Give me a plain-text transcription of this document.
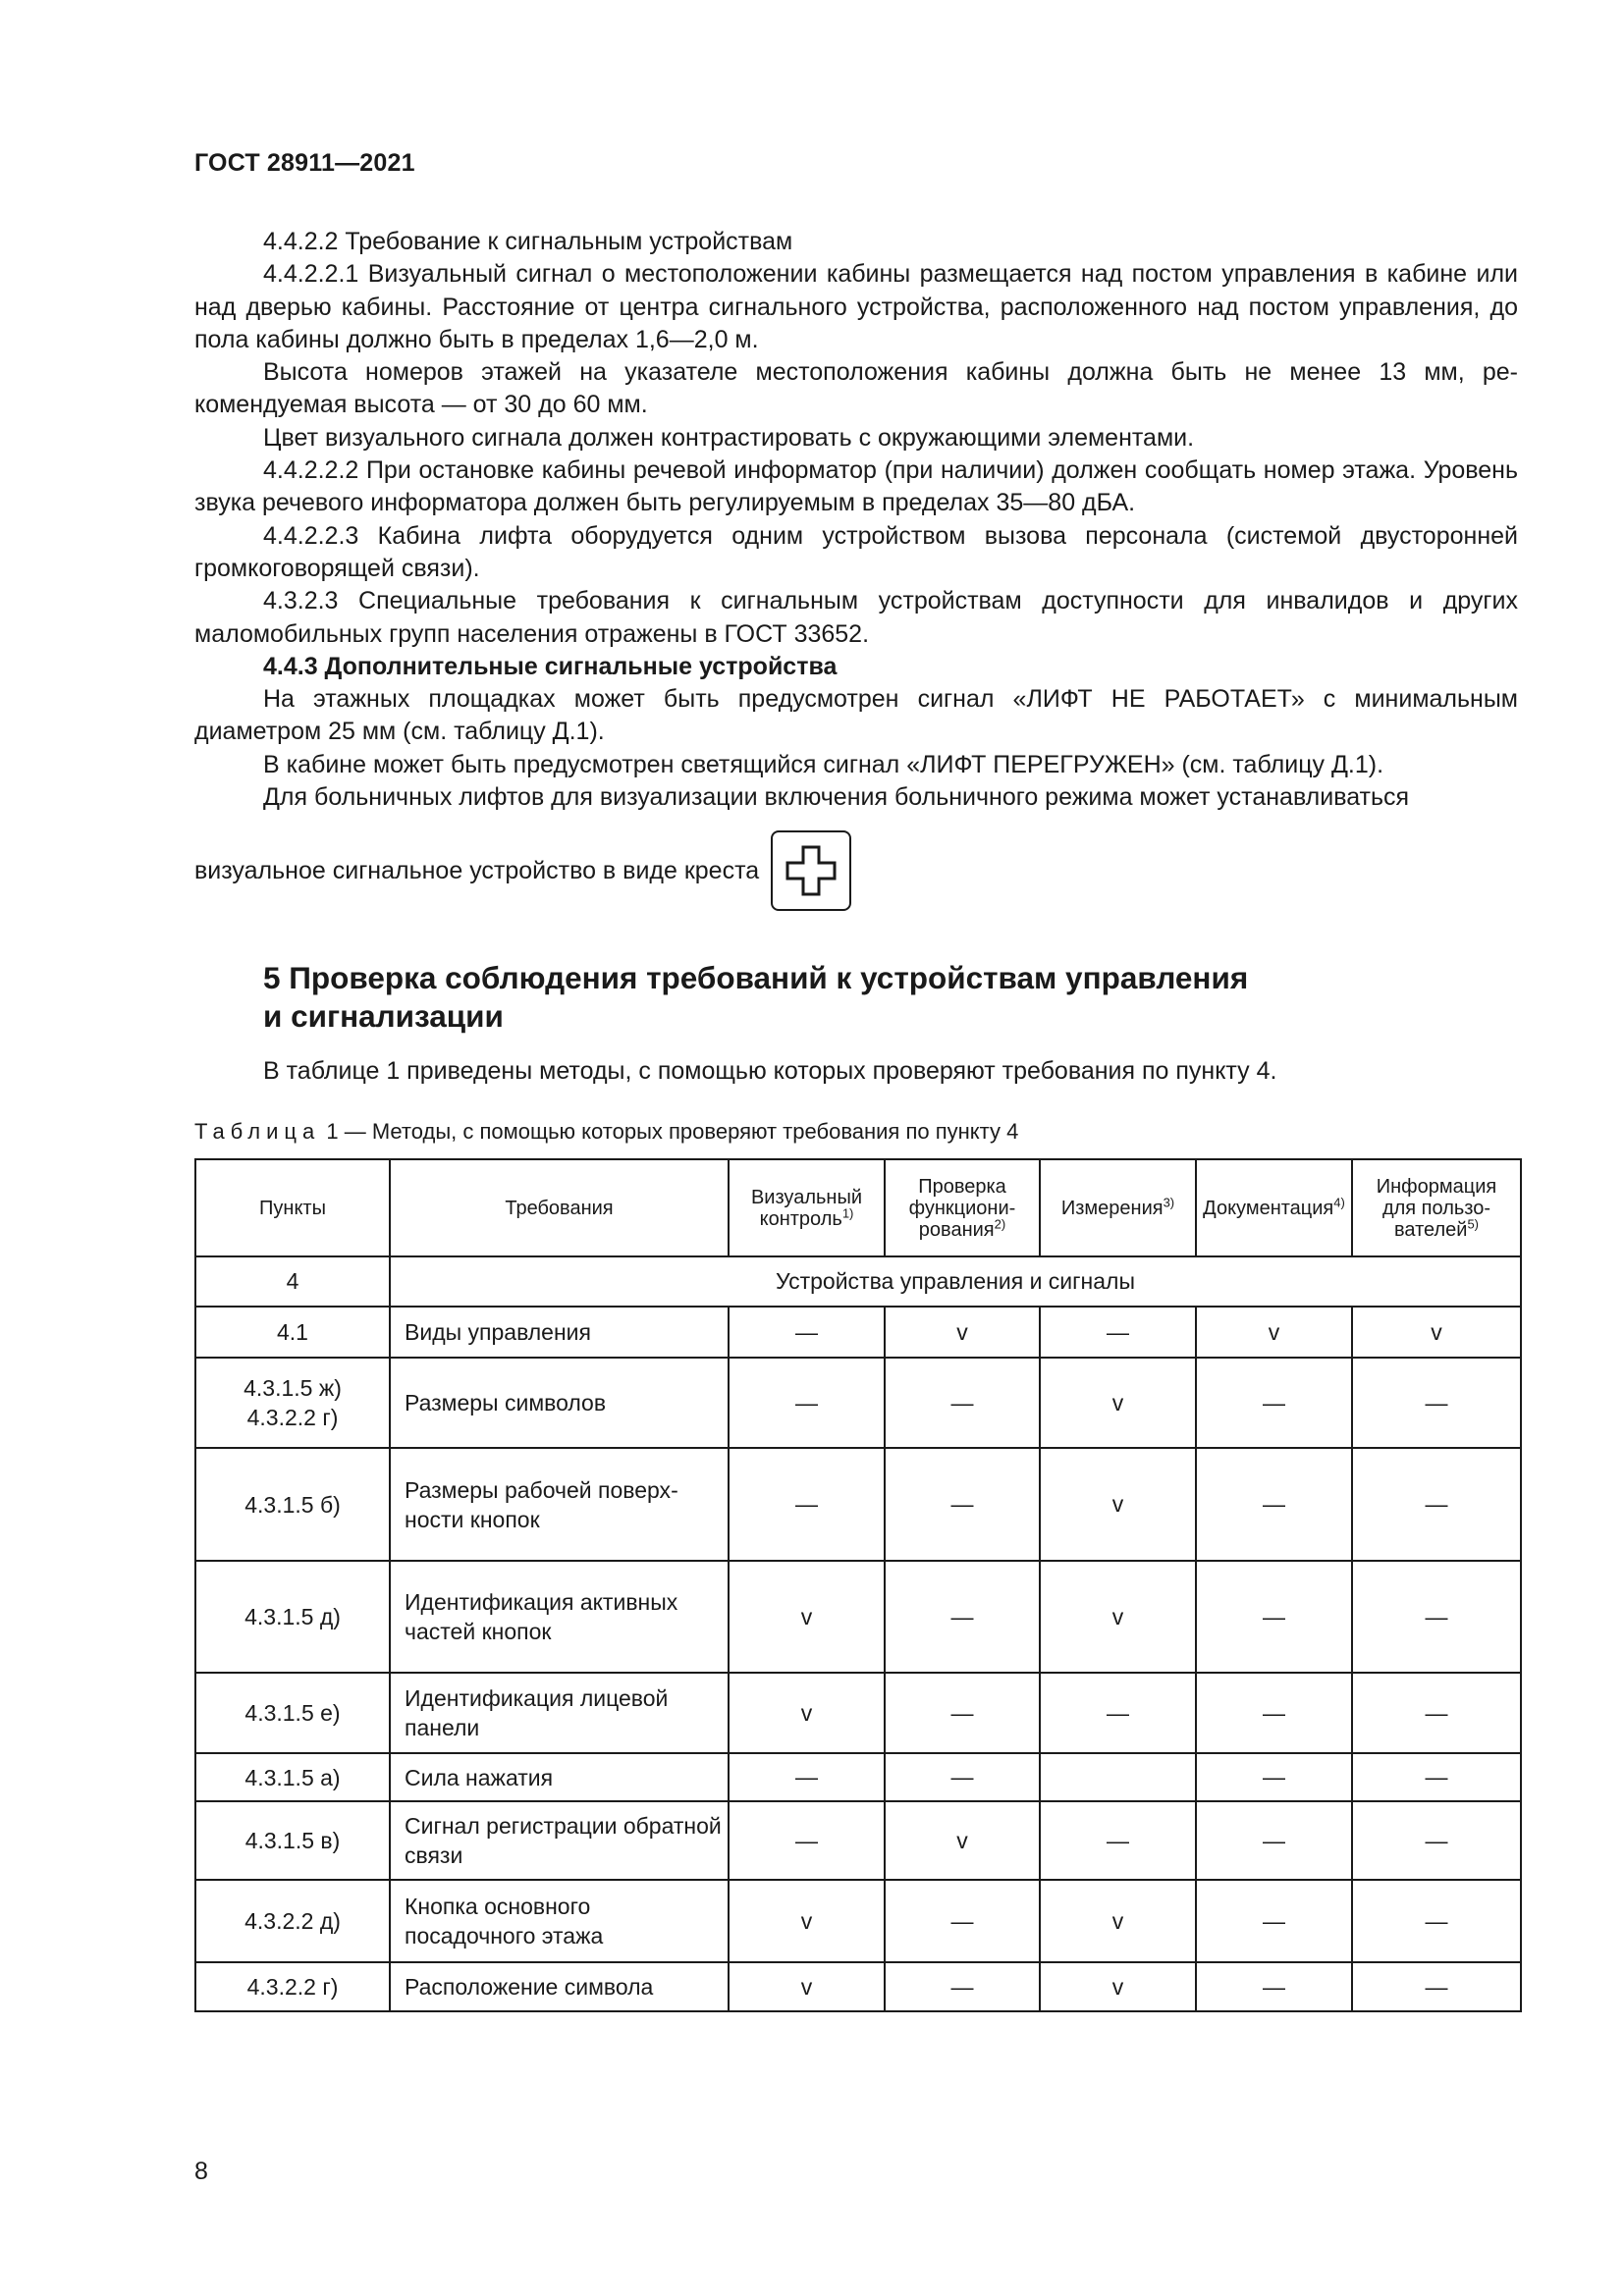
ГОСТ 28911—2021

4.4.2.2 Требование к сигнальным устройствам

4.4.2.2.1 Визуальный сигнал о местоположении кабины размещается над постом управления в кабине или над дверью кабины. Расстояние от центра сигнального устройства, расположенного над постом управления, до пола кабины должно быть в пределах 1,6—2,0 м.

Высота номеров этажей на указателе местоположения кабины должна быть не менее 13 мм, рекомендуемая высота — от 30 до 60 мм.

Цвет визуального сигнала должен контрастировать с окружающими элементами.

4.4.2.2.2 При остановке кабины речевой информатор (при наличии) должен сообщать номер этажа. Уровень звука речевого информатора должен быть регулируемым в пределах 35—80 дБА.

4.4.2.2.3 Кабина лифта оборудуется одним устройством вызова персонала (системой двусторонней громкоговорящей связи).

4.3.2.3 Специальные требования к сигнальным устройствам доступности для инвалидов и других маломобильных групп населения отражены в ГОСТ 33652.

4.4.3 Дополнительные сигнальные устройства

На этажных площадках может быть предусмотрен сигнал «ЛИФТ НЕ РАБОТАЕТ» с минимальным диаметром 25 мм (см. таблицу Д.1).

В кабине может быть предусмотрен светящийся сигнал «ЛИФТ ПЕРЕГРУЖЕН» (см. таблицу Д.1).

Для больничных лифтов для визуализации включения больничного режима может устанавливаться

визуальное сигнальное устройство в виде креста
5 Проверка соблюдения требований к устройствам управления
и сигнализации
В таблице 1 приведены методы, с помощью которых проверяют требования по пункту 4.
Таблица 1 — Методы, с помощью которых проверяют требования по пункту 4
Пункты	Требования	Визуальный контроль$^{1)}$	Проверка функционирования$^{2)}$	Измерения$^{3)}$	Документация$^{4)}$	Информация для пользователей$^{5)}$
4	Устройства управления и сигналы					
4.1	Виды управления	—	v	—	v	v
4.3.1.5 ж)
4.3.2.2 г)	Размеры символов	—	—	v	—	—
4.3.1.5 б)	Размеры рабочей поверхности кнопок	—	—	v	—	—
4.3.1.5 д)	Идентификация активных частей кнопок	v	—	v	—	—
4.3.1.5 е)	Идентификация лицевой панели	v	—	—	—	—
4.3.1.5 а)	Сила нажатия	—	—		—	—
4.3.1.5 в)	Сигнал регистрации обратной связи	—	v	—	—	—
4.3.2.2 д)	Кнопка основного посадочного этажа	v	—	v	—	—
4.3.2.2 г)	Расположение символа	v	—	v	—	—
8
